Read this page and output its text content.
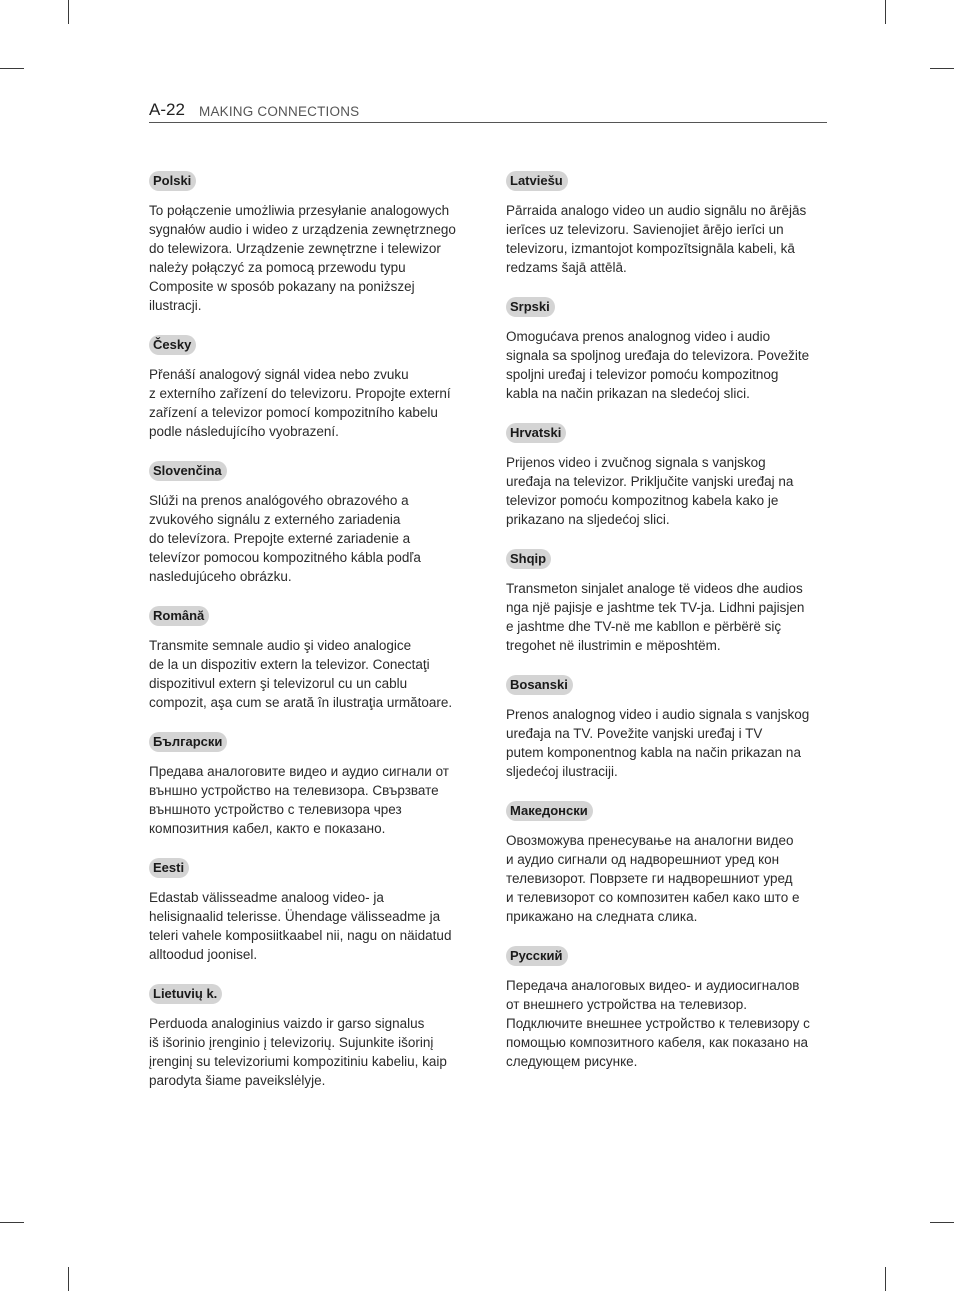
A-22 MAKING CONNECTIONS
Polski

To połączenie umożliwia przesyłanie analogowych
sygnałów audio i wideo z urządzenia zewnętrznego
do telewizora. Urządzenie zewnętrzne i telewizor
należy połączyć za pomocą przewodu typu
Composite w sposób pokazany na poniższej
ilustracji.

Česky

Přenáší analogový signál videa nebo zvuku
z externího zařízení do televizoru. Propojte externí
zařízení a televizor pomocí kompozitního kabelu
podle následujícího vyobrazení.

Slovenčina

Slúži na prenos analógového obrazového a
zvukového signálu z externého zariadenia
do televízora. Prepojte externé zariadenie a
televízor pomocou kompozitného kábla podľa
nasledujúceho obrázku.

Română

Transmite semnale audio şi video analogice
de la un dispozitiv extern la televizor. Conectaţi
dispozitivul extern şi televizorul cu un cablu
compozit, aşa cum se arată în ilustraţia următoare.

Български

Предава аналоговите видео и аудио сигнали от
външно устройство на телевизора. Свързвате
външното устройство с телевизора чрез
композитния кабел, както е показано.

Eesti

Edastab välisseadme analoog video- ja
helisignaalid telerisse. Ühendage välisseadme ja
teleri vahele komposiitkaabel nii, nagu on näidatud
alltoodud joonisel.

Lietuvių k.

Perduoda analoginius vaizdo ir garso signalus
iš išorinio įrenginio į televizorių. Sujunkite išorinį
įrenginį su televizoriumi kompozitiniu kabeliu, kaip
parodyta šiame paveikslėlyje.

Latviešu

Pārraida analogo video un audio signālu no ārējās
ierīces uz televizoru. Savienojiet ārējo ierīci un
televizoru, izmantojot kompozītsignāla kabeli, kā
redzams šajā attēlā.

Srpski

Omogućava prenos analognog video i audio
signala sa spoljnog uređaja do televizora. Povežite
spoljni uređaj i televizor pomoću kompozitnog
kabla na način prikazan na sledećoj slici.

Hrvatski

Prijenos video i zvučnog signala s vanjskog
uređaja na televizor. Priključite vanjski uređaj na
televizor pomoću kompozitnog kabela kako je
prikazano na sljedećoj slici.

Shqip

Transmeton sinjalet analoge të videos dhe audios
nga një pajisje e jashtme tek TV-ja. Lidhni pajisjen
e jashtme dhe TV-në me kabllon e përbërë siç
tregohet në ilustrimin e mëposhtëm.

Bosanski

Prenos analognog video i audio signala s vanjskog
uređaja na TV. Povežite vanjski uređaj i TV
putem komponentnog kabla na način prikazan na
sljedećoj ilustraciji.

Македонски

Овозможува пренесување на аналогни видео
и аудио сигнали од надворешниот уред кон
телевизорот. Поврзете ги надворешниот уред
и телевизорот со композитен кабел како што е
прикажано на следната слика.

Русский

Передача аналоговых видео- и аудиосигналов
от внешнего устройства на телевизор.
Подключите внешнее устройство к телевизору с
помощью композитного кабеля, как показано на
следующем рисунке.
